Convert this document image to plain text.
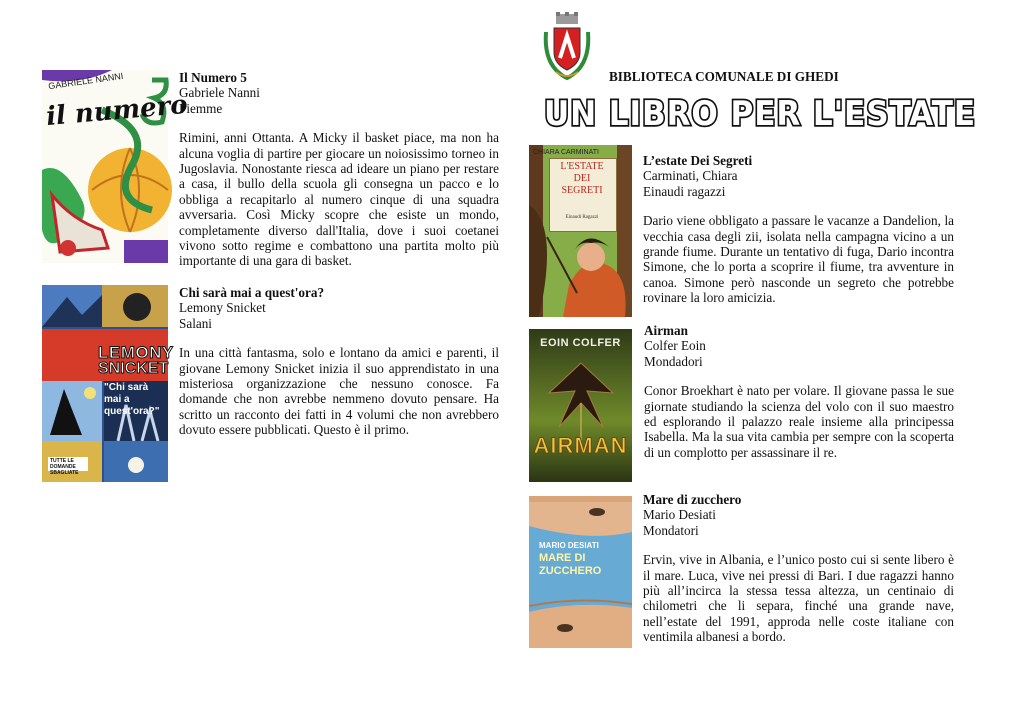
BIBLIOTECA COMUNALE DI GHEDI
UN LIBRO PER L'ESTATE
GABRIELE NANNI
il numero
Il Numero 5
Gabriele Nanni
Piemme

Rimini, anni Ottanta. A Micky il basket piace, ma non ha alcuna voglia di partire per giocare un noiosissimo torneo in Jugoslavia. Nonostante riesca ad ideare un piano per restare a casa, il bullo della scuola gli consegna un pacco e lo obbliga a recapitarlo al numero cinque di una squadra avversaria. Così Micky scopre che esiste un mondo, completamente diverso dall'Italia, dove i suoi coetanei vivono sotto regime e combattono una partita molto più importante di una gara di basket.

LEMONY
SNICKET
"Chi sarà mai a quest'ora?"
TUTTE LE DOMANDE SBAGLIATE
Chi sarà mai a quest'ora?
Lemony Snicket
Salani

In una città fantasma, solo e lontano da amici e parenti, il giovane Lemony Snicket inizia il suo apprendistato in una misteriosa organizzazione che nessuno conosce. Fa domande che non avrebbe nemmeno dovuto pensare. Ha scritto un racconto dei fatti in 4 volumi che non avrebbero dovuto essere pubblicati. Questo è il primo.

CHIARA CARMINATI
L'ESTATE
DEI
SEGRETI
Einaudi Ragazzi
L’estate Dei Segreti
Carminati, Chiara
Einaudi ragazzi

Dario viene obbligato a passare le vacanze a Dandelion, la vecchia casa degli zii, isolata nella campagna vicino a un grande fiume. Durante un tentativo di fuga, Dario incontra Simone, che lo porta a scoprire il fiume, tra avventure in canoa. Simone però nasconde un segreto che potrebbe rovinare la loro amicizia.

EOIN COLFER
AIRMAN
Airman
Colfer Eoin
Mondadori

Conor Broekhart è nato per volare. Il giovane passa le sue giornate studiando la scienza del volo con il suo maestro ed esplorando il palazzo reale insieme alla principessa Isabella. Ma la sua vita cambia per sempre con la scoperta di un complotto per assassinare il re.

MARIO DESIATI
MARE DI
ZUCCHERO
Mare di zucchero
Mario Desiati
Mondatori

Ervin, vive in Albania, e l’unico posto cui si sente libero è il mare. Luca, vive nei pressi di Bari. I due ragazzi hanno più all’incirca la stessa tessa altezza, un centinaio di chilometri che li separa, finché una grande nave, nell’estate del 1991, approda nelle coste italiane con ventimila albanesi a bordo.
